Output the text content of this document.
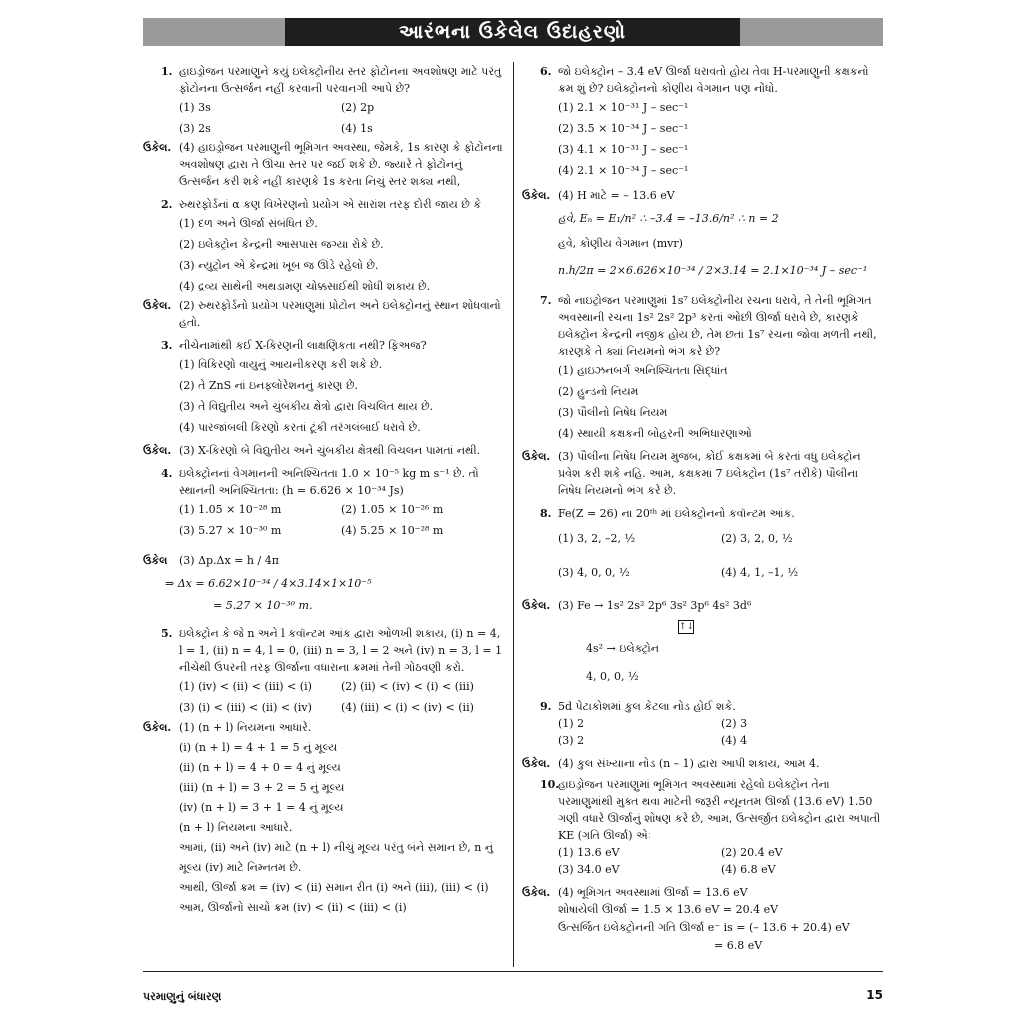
આરંભના ઉકેલેલ ઉદાહરણો
1. હાઇડ્રોજન પરમાણુને કયું ઇલેક્ટ્રોનીય સ્તર ફોટોનના અવશોષણ માટે પરંતુ ફોટોનના ઉત્સર્જન નહીં કરવાની પરવાનગી આપે છે?
(1) 3s	(2) 2p
(3) 2s	(4) 1s
ઉકેલ. (4) હાઇડ્રોજન પરમાણુની ભૂમિગત અવસ્થા, જેમકે, 1s કારણ કે ફોટોનના અવશોષણ દ્વારા તે ઊંચા સ્તર પર જઈ શકે છે. જ્યારે તે ફોટોનનું ઉત્સર્જન કરી શકે નહીં કારણકે 1s કરતા નિચું સ્તર શક્ય નથી,
2. રુથરફોર્ડનાં α કણ વિખેરણનો પ્રયોગ એ સારાંશ તરફ દોરી જાય છે કે
(1) દળ અને ઊર્જા સંબંધિત છે.
(2) ઇલેક્ટ્રોન કેન્દ્રની આસપાસ જગ્યા રોકે છે.
(3) ન્યુટ્રોન એ કેન્દ્રમાં ખૂબ જ ઊંડે રહેલો છે.
(4) દ્રવ્ય સાથેની અથડામણ ચોક્કસાઈથી શોધી શકાય છે.
ઉકેલ. (2) રુથરફોર્ડનો પ્રયોગ પરમાણુમાં પ્રોટોન અને ઇલેક્ટ્રોનનું સ્થાન શોધવાનો હતો.
3. નીચેનામાંથી કઈ X-કિરણની લાક્ષણિકતા નથી? ફિઅજ?
(1) વિકિરણો વાયુનું આયનીકરણ કરી શકે છે.
(2) તે ZnS નાં ઇનફ્લોરેશનનું કારણ છે.
(3) તે વિદ્યુતીય અને ચુંબકીય ક્ષેત્રો દ્વારા વિચલિત થાય છે.
(4) પારજાંબલી કિરણો કરતાં ટૂંકી તરંગલંબાઈ ધરાવે છે.
ઉકેલ. (3) X-કિરણો બે વિદ્યુતીય અને ચુંબકીય ક્ષેત્રથી વિચલન પામતાં નથી.
4. ઇલેક્ટ્રોનનાં વેગમાનની અનિશ્ચિતતા 1.0 × 10⁻⁵ kg m s⁻¹ છે. તો સ્થાનની અનિશ્ચિતતા: (h = 6.626 × 10⁻³⁴ Js)
(1) 1.05 × 10⁻²⁸ m	(2) 1.05 × 10⁻²⁶ m
(3) 5.27 × 10⁻³⁰ m	(4) 5.25 × 10⁻²⁸ m
ઉકેલ (3) Δp.Δx = h / 4π
⇒ Δx = 6.62×10⁻³⁴ / 4×3.14×1×10⁻⁵
= 5.27 × 10⁻³⁰ m.
5. ઇલેક્ટ્રોન કે જે n અને l કવૉન્ટમ આંક દ્વારા ઓળખી શકાય, (i) n = 4, l = 1, (ii) n = 4, l = 0, (iii) n = 3, l = 2 અને (iv) n = 3, l = 1 નીચેથી ઉપરની તરફ ઊર્જાના વધારાના ક્રમમાં તેની ગોઠવણી કરો.
(1) (iv) < (ii) < (iii) < (i)	(2) (ii) < (iv) < (i) < (iii)
(3) (i) < (iii) < (ii) < (iv)	(4) (iii) < (i) < (iv) < (ii)
ઉકેલ. (1) (n + l) નિયમના આધારે.
(i) (n + l) = 4 + 1 = 5 નું મૂલ્ય
(ii) (n + l) = 4 + 0 = 4 નું મૂલ્ય
(iii) (n + l) = 3 + 2 = 5 નું મૂલ્ય
(iv) (n + l) = 3 + 1 = 4 નું મૂલ્ય
(n + l) નિયમના આધારે.
આમાં, (ii) અને (iv) માટે (n + l) નીચું મૂલ્ય પરંતુ બંને સમાન છે, n નું મૂલ્ય (iv) માટે નિમ્નતમ છે.
આથી, ઊર્જા ક્રમ = (iv) < (ii) સમાન રીત (i) અને (iii), (iii) < (i)
આમ, ઊર્જાનો સાચો ક્રમ (iv) < (ii) < (iii) < (i)
6. જો ઇલેક્ટ્રોન – 3.4 eV ઊર્જા ધરાવતો હોય તેવા H-પરમાણુની કક્ષકનો ક્રમ શું છે? ઇલેક્ટ્રોનનો કોણીય વેગમાન પણ નોંધો.
(1) 2.1 × 10⁻³¹ J – sec⁻¹
(2) 3.5 × 10⁻³⁴ J – sec⁻¹
(3) 4.1 × 10⁻³¹ J – sec⁻¹
(4) 2.1 × 10⁻³⁴ J – sec⁻¹
ઉકેલ. (4) H માટે = – 13.6 eV
હવે, Eₙ = E₁/n² ∴ –3.4 = –13.6/n² ∴ n = 2
હવે, કોણીય વેગમાન (mvr)
n.h/2π = 2×6.626×10⁻³⁴ / 2×3.14 = 2.1×10⁻³⁴ J – sec⁻¹
7. જો નાઇટ્રોજન પરમાણુમાં 1s⁷ ઇલેક્ટ્રોનીય રચના ધરાવે, તે તેની ભૂમિગત અવસ્થાની રચના 1s² 2s² 2p³ કરતાં ઓછી ઊર્જા ધરાવે છે, કારણકે ઇલેક્ટ્રોન કેન્દ્રની નજીક હોય છે, તેમ છતાં 1s⁷ રચના જોવા મળતી નથી, કારણકે તે ક્યાં નિયમનો ભંગ કરે છે?
(1) હાઇઝનબર્ગ અનિશ્ચિતતા સિદ્ધાંત
(2) હુન્ડનો નિયમ
(3) પૌલીનો નિષેધ નિયમ
(4) સ્થાયી કક્ષકની બોહરની અભિધારણાઓ
ઉકેલ. (3) પૌલીના નિષેધ નિયમ મુજબ, કોઈ કક્ષકમાં બે કરતાં વધુ ઇલેક્ટ્રોન પ્રવેશ કરી શકે નહિ. આમ, કક્ષકમાં 7 ઇલેક્ટ્રોન (1s⁷ તરીકે) પૌલીના નિષેધ નિયમનો ભંગ કરે છે.
8. Fe(Z = 26) ના 20ᵗʰ માં ઇલેક્ટ્રોનનો કવૉન્ટમ આંક.
(1) 3, 2, –2, ½	(2) 3, 2, 0, ½
(3) 4, 0, 0, ½	(4) 4, 1, –1, ½
ઉકેલ. (3) Fe → 1s² 2s² 2p⁶ 3s² 3p⁶ 4s² 3d⁶
↑↓
4s² → ઇલેક્ટ્રોન
4, 0, 0, ½
9. 5d પેટાકોશમાં કુલ કેટલા નોડ હોઈ શકે.
(1) 2	(2) 3
(3) 2	(4) 4
ઉકેલ. (4) કુલ સંખ્યાના નોડ (n – 1) દ્વારા આપી શકાય, આમ 4.
10.
હાઇડ્રોજન પરમાણુમાં ભૂમિગત અવસ્થામાં રહેલો ઇલેક્ટ્રોન તેના પરમાણુમાંથી મુક્ત થવા માટેની જરૂરી ન્યૂનતમ ઊર્જા (13.6 eV) 1.50 ગણી વધારે ઊર્જાનું શોષણ કરે છે, આમ, ઉત્સર્જીત ઇલેક્ટ્રોન દ્વારા અપાતી KE (ગતિ ઊર્જા) એઃ
(1) 13.6 eV	(2) 20.4 eV
(3) 34.0 eV	(4) 6.8 eV
ઉકેલ. (4) ભૂમિગત અવસ્થામાં ઊર્જા = 13.6 eV
શોષાયેલી ઊર્જા = 1.5 × 13.6 eV = 20.4 eV
ઉત્સર્જિત ઇલેક્ટ્રોનની ગતિ ઊર્જા e⁻ is = (– 13.6 + 20.4) eV
= 6.8 eV
પરમાણુનું બંધારણ	15
